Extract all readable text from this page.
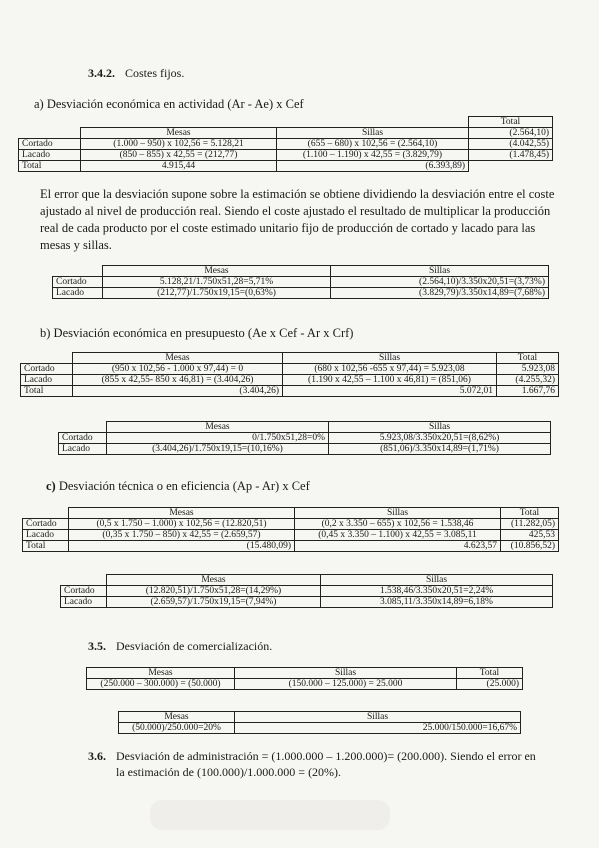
3.4.2. Costes fijos.
a) Desviación económica en actividad (Ar - Ae) x Cef
			Total
	Mesas	Sillas	(2.564,10)
Cortado	(1.000 – 950) x 102,56 = 5.128,21	(655 – 680) x 102,56 = (2.564,10)	(4.042,55)
Lacado	(850 – 855) x 42,55 = (212,77)	(1.100 – 1.190) x 42,55 = (3.829,79)	(1.478,45)
Total	4.915,44	(6.393,89)	

El error que la desviación supone sobre la estimación se obtiene dividiendo la desviación entre el coste ajustado al nivel de producción real. Siendo el coste ajustado el resultado de multiplicar la producción real de cada producto por el coste estimado unitario fijo de producción de cortado y lacado para las mesas y sillas.

	Mesas	Sillas
Cortado	5.128,21/1.750x51,28=5,71%	(2.564,10)/3.350x20,51=(3,73%)
Lacado	(212,77)/1.750x19,15=(0,63%)	(3.829,79)/3.350x14,89=(7,68%)
b) Desviación económica en presupuesto (Ae x Cef - Ar x Crf)
	Mesas	Sillas	Total
Cortado	(950 x 102,56 - 1.000 x 97,44) = 0	(680 x 102,56 -655 x 97,44) = 5.923,08	5.923,08
Lacado	(855 x 42,55- 850 x 46,81) = (3.404,26)	(1.190 x 42,55 – 1.100 x 46,81) = (851,06)	(4.255,32)
Total	(3.404,26)	5.072,01	1.667,76
	Mesas	Sillas
Cortado	0/1.750x51,28=0%	5.923,08/3.350x20,51=(8,62%)
Lacado	(3.404,26)/1.750x19,15=(10,16%)	(851,06)/3.350x14,89=(1,71%)
c) Desviación técnica o en eficiencia (Ap - Ar) x Cef
	Mesas	Sillas	Total
Cortado	(0,5 x 1.750 – 1.000) x 102,56 = (12.820,51)	(0,2 x 3.350 – 655) x 102,56 = 1.538,46	(11.282,05)
Lacado	(0,35 x 1.750 – 850) x 42,55 = (2.659,57)	(0,45 x 3.350 – 1.100) x 42,55 = 3.085,11	425,53
Total	(15.480,09)	4.623,57	(10.856,52)
	Mesas	Sillas
Cortado	(12.820,51)/1.750x51,28=(14,29%)	1.538,46/3.350x20,51=2,24%
Lacado	(2.659,57)/1.750x19,15=(7,94%)	3.085,11/3.350x14,89=6,18%
3.5. Desviación de comercialización.
Mesas	Sillas	Total
(250.000 – 300.000) = (50.000)	(150.000 – 125.000) = 25.000	(25.000)
Mesas	Sillas
(50.000)/250.000=20%	25.000/150.000=16,67%
3.6. Desviación de administración = (1.000.000 – 1.200.000)= (200.000). Siendo el error en
la estimación de (100.000)/1.000.000 = (20%).
